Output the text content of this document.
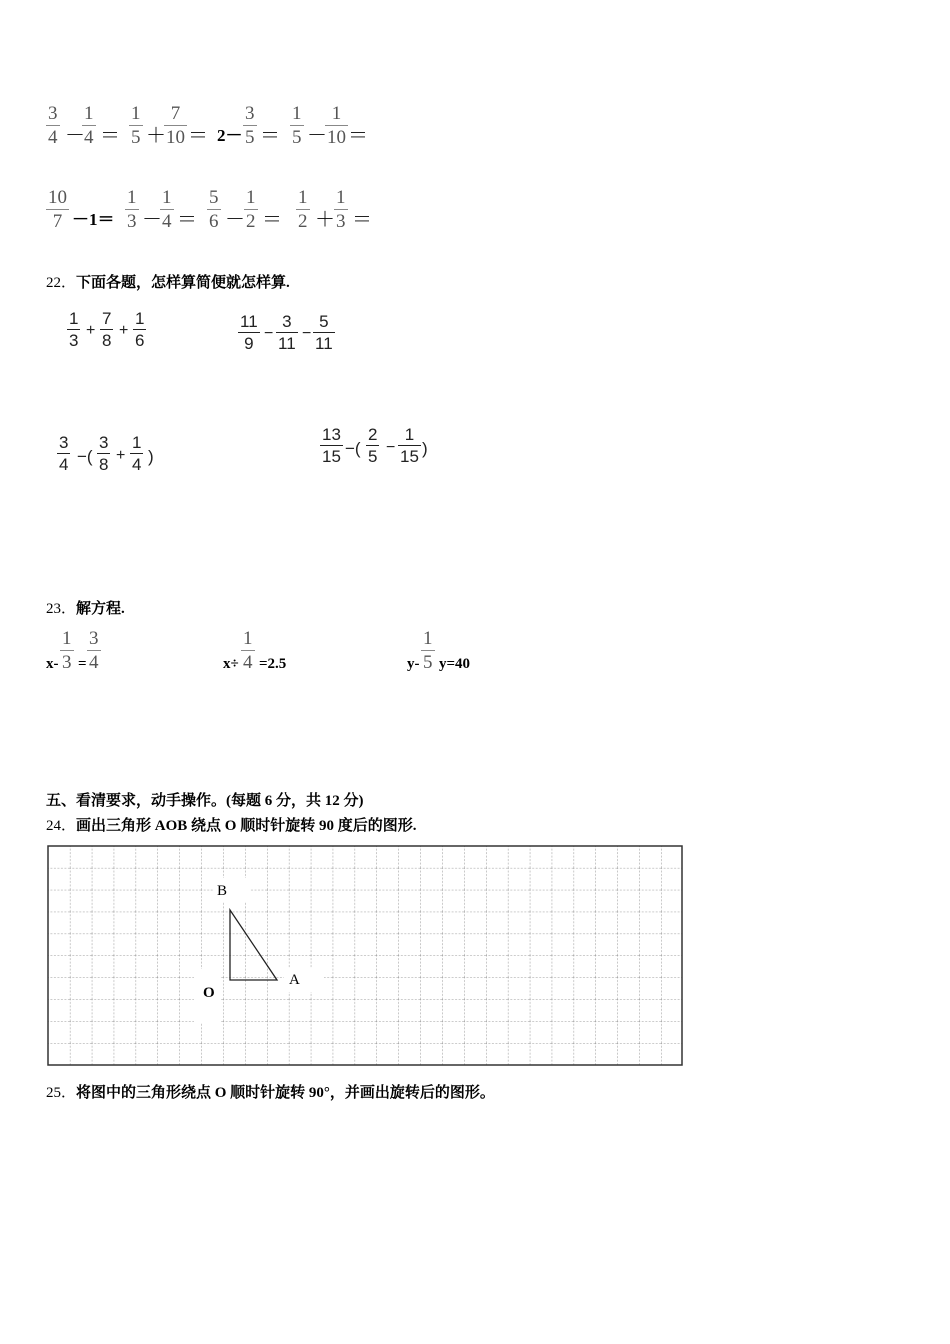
3
4 －
1
4 ＝
1
5 ＋
7
10 ＝ 2－
3
5 ＝
1
5 －
1
10 ＝
10
7 －1＝
1
3 －
1
4 ＝
5
6 －
1
2 ＝
1
2 ＋
1
3 ＝
22．下面各题，怎样算简便就怎样算.
1
3
+
7
8
+
1
6
11
9
−
3
11
−
5
11
3
4 −(
3
8 +
1
4 )
13
15 −(
2
5 −
1
15 )
23．解方程.
x-
1
3 =
3
4	x÷
1
4 =2.5	y-
1
5 y=40
五、看清要求，动手操作。(每题 6 分，共 12 分)
24．画出三角形 AOB 绕点 O 顺时针旋转 90 度后的图形.
B
A
O
25．将图中的三角形绕点 O 顺时针旋转 90°，并画出旋转后的图形。
